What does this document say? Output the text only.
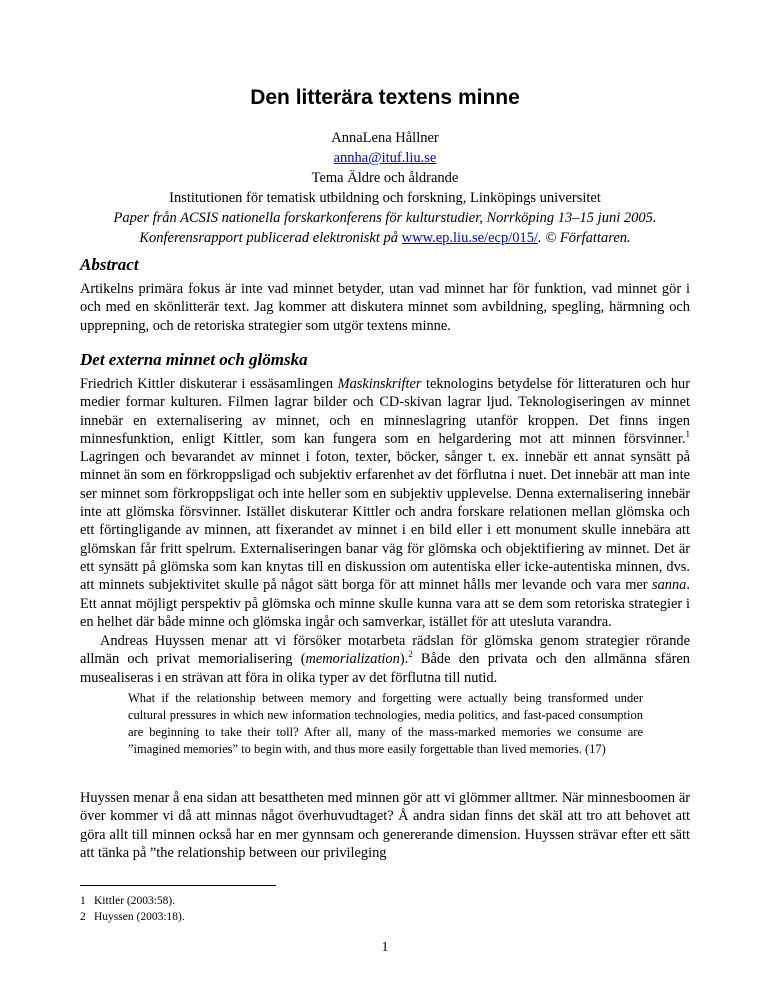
Den litterära textens minne
AnnaLena Hållner
annha@ituf.liu.se
Tema Äldre och åldrande
Institutionen för tematisk utbildning och forskning, Linköpings universitet
Paper från ACSIS nationella forskarkonferens för kulturstudier, Norrköping 13–15 juni 2005.
Konferensrapport publicerad elektroniskt på www.ep.liu.se/ecp/015/. © Författaren.
Abstract

Artikelns primära fokus är inte vad minnet betyder, utan vad minnet har för funktion, vad minnet gör i och med en skönlitterär text. Jag kommer att diskutera minnet som avbildning, spegling, härmning och upprepning, och de retoriska strategier som utgör textens minne.

Det externa minnet och glömska

Friedrich Kittler diskuterar i essäsamlingen Maskinskrifter teknologins betydelse för litteraturen och hur medier formar kulturen. Filmen lagrar bilder och CD-skivan lagrar ljud. Teknologiseringen av minnet innebär en externalisering av minnet, och en minneslagring utanför kroppen. Det finns ingen minnesfunktion, enligt Kittler, som kan fungera som en helgardering mot att minnen försvinner.$^1$ Lagringen och bevarandet av minnet i foton, texter, böcker, sånger t. ex. innebär ett annat synsätt på minnet än som en förkroppsligad och subjektiv erfarenhet av det förflutna i nuet. Det innebär att man inte ser minnet som förkroppsligat och inte heller som en subjektiv upplevelse. Denna externalisering innebär inte att glömska försvinner. Istället diskuterar Kittler och andra forskare relationen mellan glömska och ett förtingligande av minnen, att fixerandet av minnet i en bild eller i ett monument skulle innebära att glömskan får fritt spelrum. Externaliseringen banar väg för glömska och objektifiering av minnet. Det är ett synsätt på glömska som kan knytas till en diskussion om autentiska eller icke-autentiska minnen, dvs. att minnets subjektivitet skulle på något sätt borga för att minnet hålls mer levande och vara mer sanna. Ett annat möjligt perspektiv på glömska och minne skulle kunna vara att se dem som retoriska strategier i en helhet där både minne och glömska ingår och samverkar, istället för att utesluta varandra.

Andreas Huyssen menar att vi försöker motarbeta rädslan för glömska genom strategier rörande allmän och privat memorialisering (memorialization).$^2$ Både den privata och den allmänna sfären musealiseras i en strävan att föra in olika typer av det förflutna till nutid.

What if the relationship between memory and forgetting were actually being transformed under cultural pressures in which new information technologies, media politics, and fast-paced consumption are beginning to take their toll? After all, many of the mass-marked memories we consume are ”imagined memories” to begin with, and thus more easily forgettable than lived memories. (17)

Huyssen menar å ena sidan att besattheten med minnen gör att vi glömmer alltmer. När minnesboomen är över kommer vi då att minnas något överhuvudtaget? Å andra sidan finns det skäl att tro att behovet att göra allt till minnen också har en mer gynnsam och genererande dimension. Huyssen strävar efter ett sätt att tänka på ”the relationship between our privileging

1 Kittler (2003:58).
2 Huyssen (2003:18).
1
